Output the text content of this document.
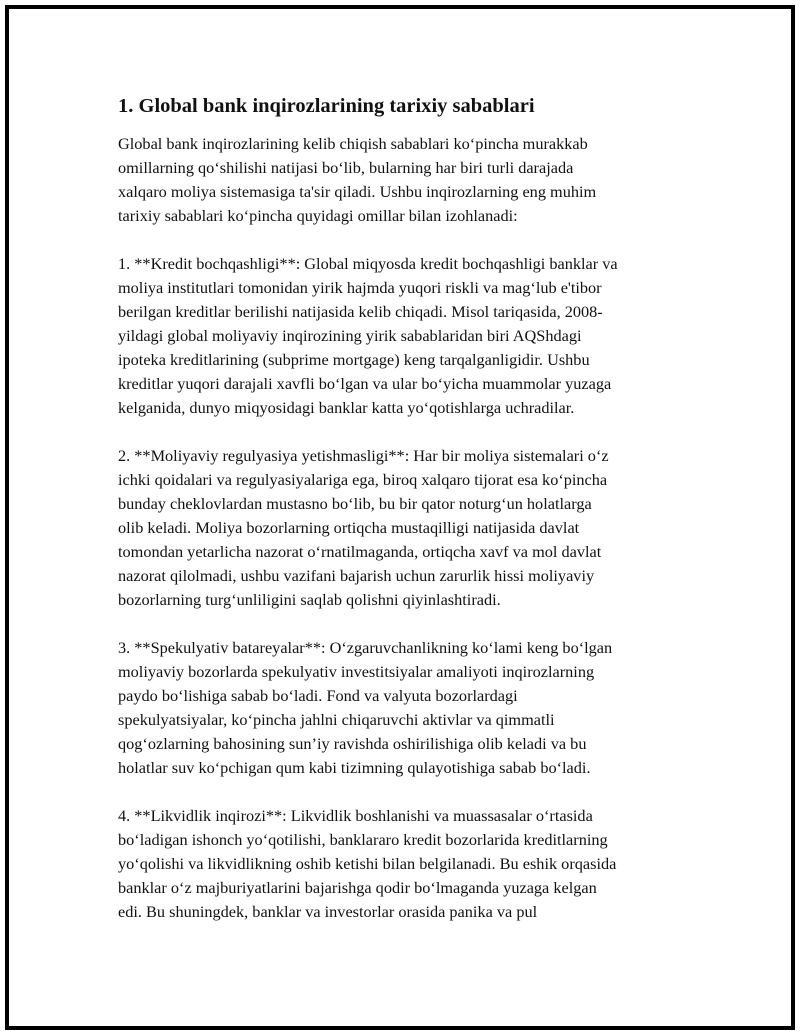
1. Global bank inqirozlarining tarixiy sabablari

Global bank inqirozlarining kelib chiqish sabablari koʻpincha murakkab
omillarning qoʻshilishi natijasi boʻlib, bularning har biri turli darajada
xalqaro moliya sistemasiga ta'sir qiladi. Ushbu inqirozlarning eng muhim
tarixiy sabablari koʻpincha quyidagi omillar bilan izohlanadi:

1. **Kredit bochqashligi**: Global miqyosda kredit bochqashligi banklar va
moliya institutlari tomonidan yirik hajmda yuqori riskli va magʻlub e'tibor
berilgan kreditlar berilishi natijasida kelib chiqadi. Misol tariqasida, 2008-
yildagi global moliyaviy inqirozining yirik sabablaridan biri AQShdagi
ipoteka kreditlarining (subprime mortgage) keng tarqalganligidir. Ushbu
kreditlar yuqori darajali xavfli boʻlgan va ular boʻyicha muammolar yuzaga
kelganida, dunyo miqyosidagi banklar katta yoʻqotishlarga uchradilar.

2. **Moliyaviy regulyasiya yetishmasligi**: Har bir moliya sistemalari oʻz
ichki qoidalari va regulyasiyalariga ega, biroq xalqaro tijorat esa koʻpincha
bunday cheklovlardan mustasno boʻlib, bu bir qator noturgʻun holatlarga
olib keladi. Moliya bozorlarning ortiqcha mustaqilligi natijasida davlat
tomondan yetarlicha nazorat oʻrnatilmaganda, ortiqcha xavf va mol davlat
nazorat qilolmadi, ushbu vazifani bajarish uchun zarurlik hissi moliyaviy
bozorlarning turgʻunliligini saqlab qolishni qiyinlashtiradi.

3. **Spekulyativ batareyalar**: Oʻzgaruvchanlikning koʻlami keng boʻlgan
moliyaviy bozorlarda spekulyativ investitsiyalar amaliyoti inqirozlarning
paydo boʻlishiga sabab boʻladi. Fond va valyuta bozorlardagi
spekulyatsiyalar, koʻpincha jahlni chiqaruvchi aktivlar va qimmatli
qogʻozlarning bahosining sunʼiy ravishda oshirilishiga olib keladi va bu
holatlar suv koʻpchigan qum kabi tizimning qulayotishiga sabab boʻladi.

4. **Likvidlik inqirozi**: Likvidlik boshlanishi va muassasalar oʻrtasida
boʻladigan ishonch yoʻqotilishi, banklararo kredit bozorlarida kreditlarning
yoʻqolishi va likvidlikning oshib ketishi bilan belgilanadi. Bu eshik orqasida
banklar oʻz majburiyatlarini bajarishga qodir boʻlmaganda yuzaga kelgan
edi. Bu shuningdek, banklar va investorlar orasida panika va pul
